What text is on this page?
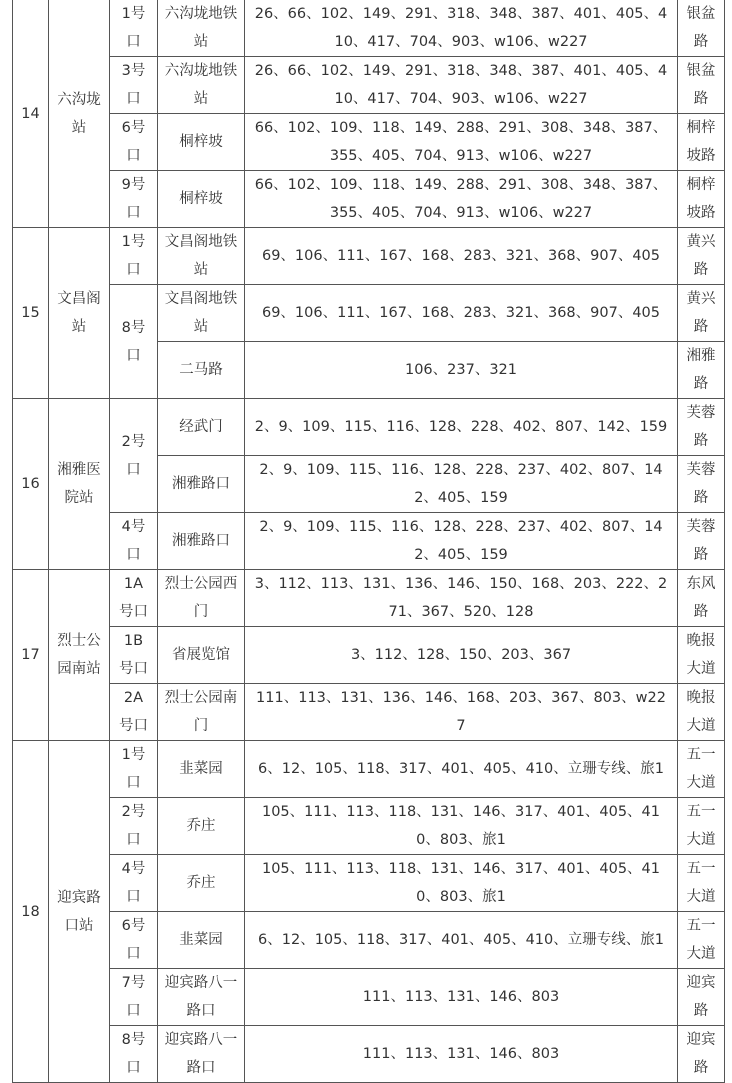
14	六沟垅站	1号口	六沟垅地铁站	26、66、102、149、291、318、348、387、401、405、410、417、704、903、w106、w227	银盆路
		3号口	六沟垅地铁站	26、66、102、149、291、318、348、387、401、405、410、417、704、903、w106、w227	银盆路
		6号口	桐梓坡	66、102、109、118、149、288、291、308、348、387、355、405、704、913、w106、w227	桐梓坡路
		9号口	桐梓坡	66、102、109、118、149、288、291、308、348、387、355、405、704、913、w106、w227	桐梓坡路
15	文昌阁站	1号口	文昌阁地铁站	69、106、111、167、168、283、321、368、907、405	黄兴路
		8号口	文昌阁地铁站	69、106、111、167、168、283、321、368、907、405	黄兴路
			二马路	106、237、321	湘雅路
16	湘雅医院站	2号口	经武门	2、9、109、115、116、128、228、402、807、142、159	芙蓉路
			湘雅路口	2、9、109、115、116、128、228、237、402、807、142、405、159	芙蓉路
		4号口	湘雅路口	2、9、109、115、116、128、228、237、402、807、142、405、159	芙蓉路
17	烈士公园南站	1A号口	烈士公园西门	3、112、113、131、136、146、150、168、203、222、271、367、520、128	东风路
		1B号口	省展览馆	3、112、128、150、203、367	晚报大道
		2A号口	烈士公园南门	111、113、131、136、146、168、203、367、803、w227	晚报大道
18	迎宾路口站	1号口	韭菜园	6、12、105、118、317、401、405、410、立珊专线、旅1	五一大道
		2号口	乔庄	105、111、113、118、131、146、317、401、405、410、803、旅1	五一大道
		4号口	乔庄	105、111、113、118、131、146、317、401、405、410、803、旅1	五一大道
		6号口	韭菜园	6、12、105、118、317、401、405、410、立珊专线、旅1	五一大道
		7号口	迎宾路八一路口	111、113、131、146、803	迎宾路
		8号口	迎宾路八一路口	111、113、131、146、803	迎宾路
